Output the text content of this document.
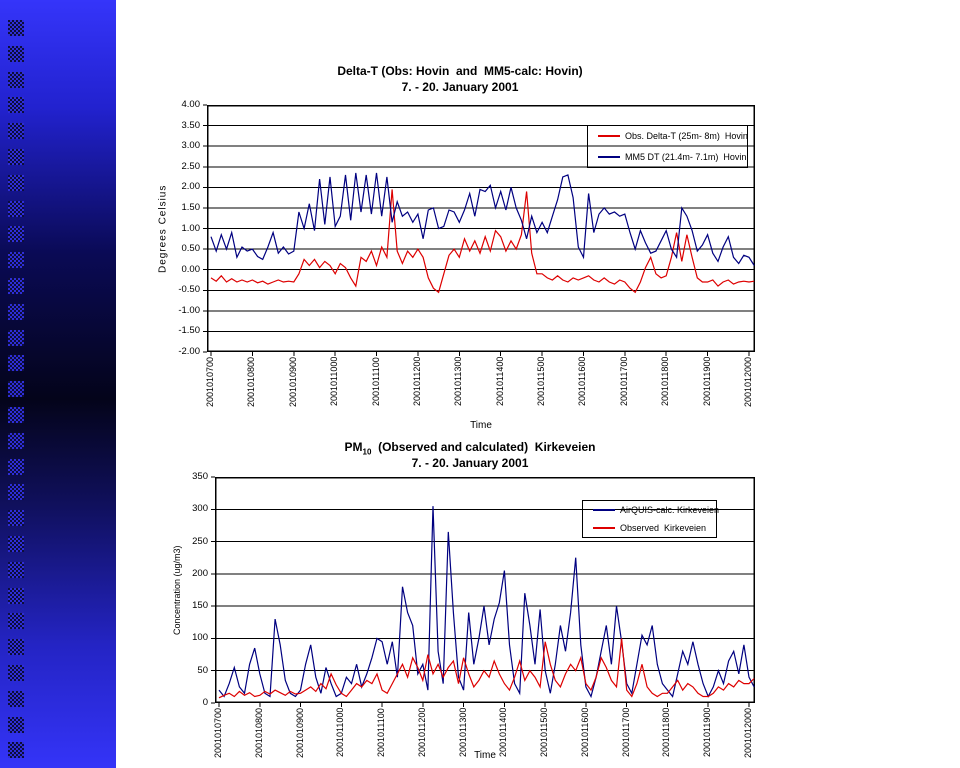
Delta-T (Obs: Hovin  and  MM5-calc: Hovin)
7. - 20. January 2001
Degrees Celsius
Time
$PM_{10}$  (Observed and calculated)  Kirkeveien
7. - 20. January 2001
Concentration (ug/m3)
Time
4.00
3.50
3.00
2.50
2.00
1.50
1.00
0.50
0.00
-0.50
-1.00
-1.50
-2.00
2001010700	2001010800	2001010900	2001011000	2001011100	2001011200	2001011300	2001011400	2001011500	2001011600	2001011700	2001011800	2001011900	2001012000
Obs. Delta-T (25m- 8m)  Hovin
MM5 DT (21.4m- 7.1m)  Hovin
350
300
250
200
150
100
50
0
2001010700	2001010800	2001010900	2001011000	2001011100	2001011200	2001011300	2001011400	2001011500	2001011600	2001011700	2001011800	2001011900	2001012000
AirQUIS-calc. Kirkeveien
Observed  Kirkeveien
